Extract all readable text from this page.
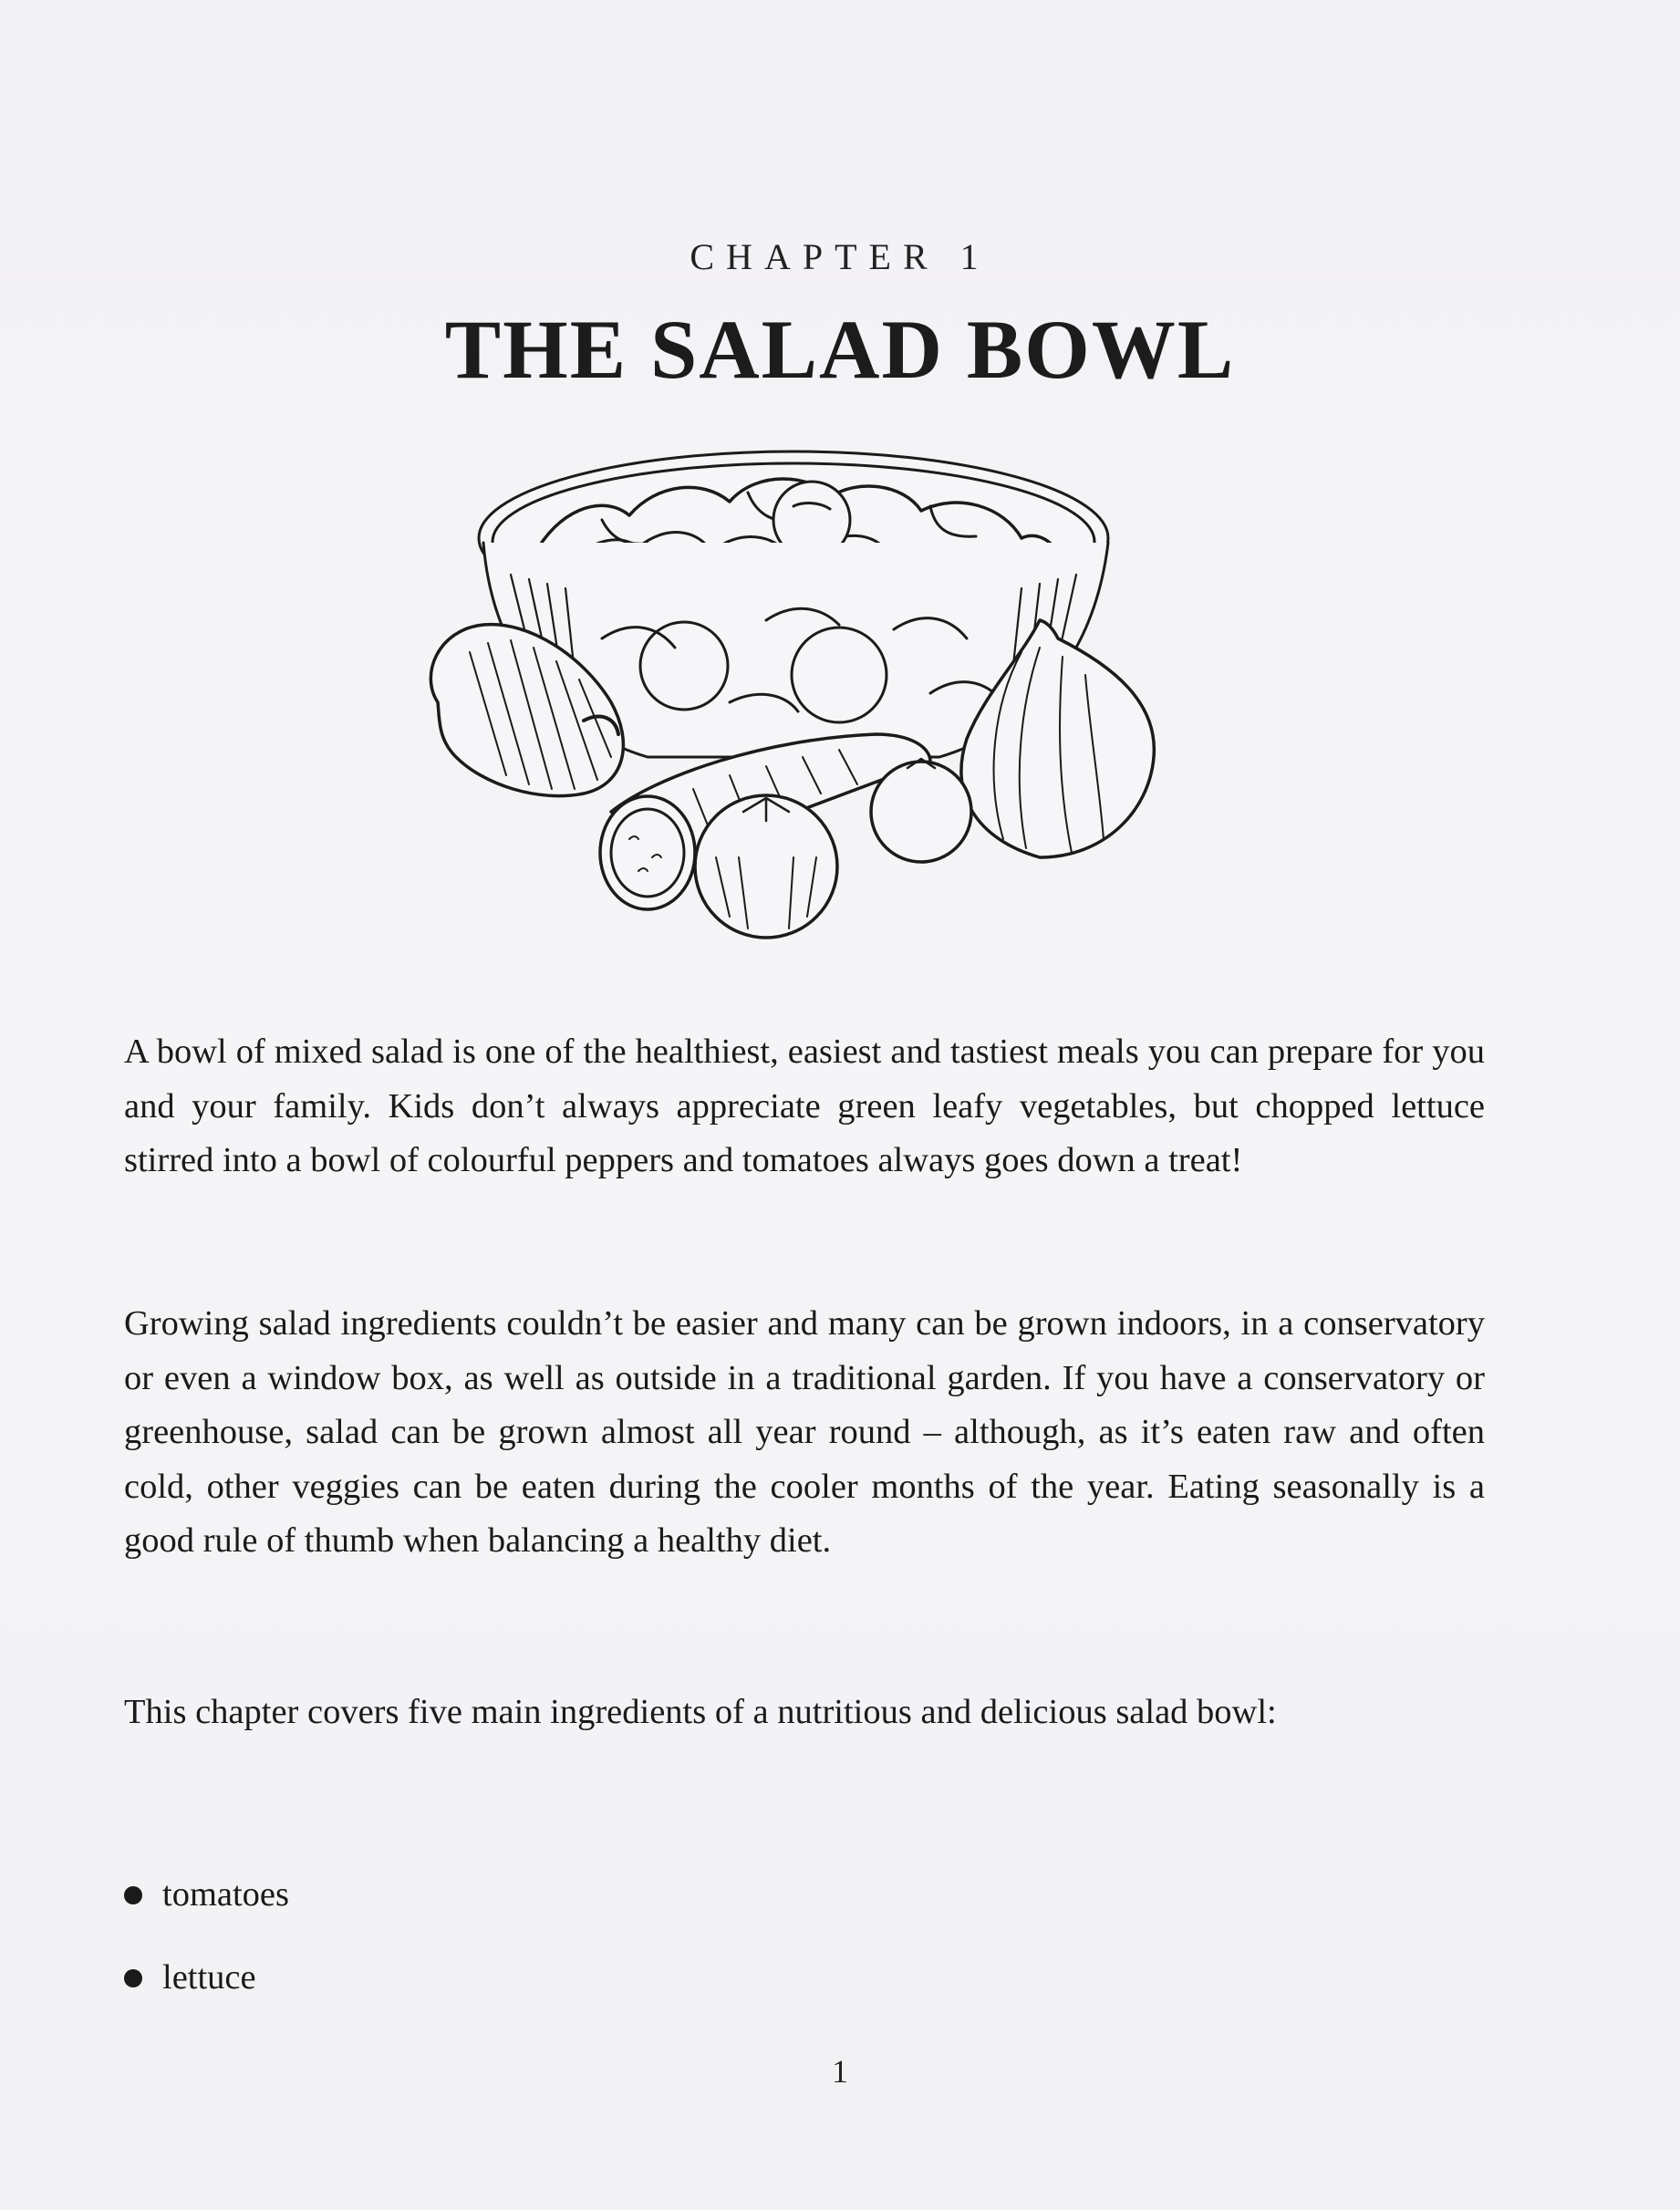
CHAPTER 1
THE SALAD BOWL
A bowl of mixed salad is one of the healthiest, easiest and tastiest meals you can prepare for you and your family. Kids don’t always appreciate green leafy vegetables, but chopped lettuce stirred into a bowl of colourful peppers and tomatoes always goes down a treat!
Growing salad ingredients couldn’t be easier and many can be grown indoors, in a conservatory or even a window box, as well as outside in a traditional garden. If you have a conservatory or greenhouse, salad can be grown almost all year round – although, as it’s eaten raw and often cold, other veggies can be eaten during the cooler months of the year. Eating seasonally is a good rule of thumb when balancing a healthy diet.
This chapter covers five main ingredients of a nutritious and delicious salad bowl:
tomatoes
lettuce
1
